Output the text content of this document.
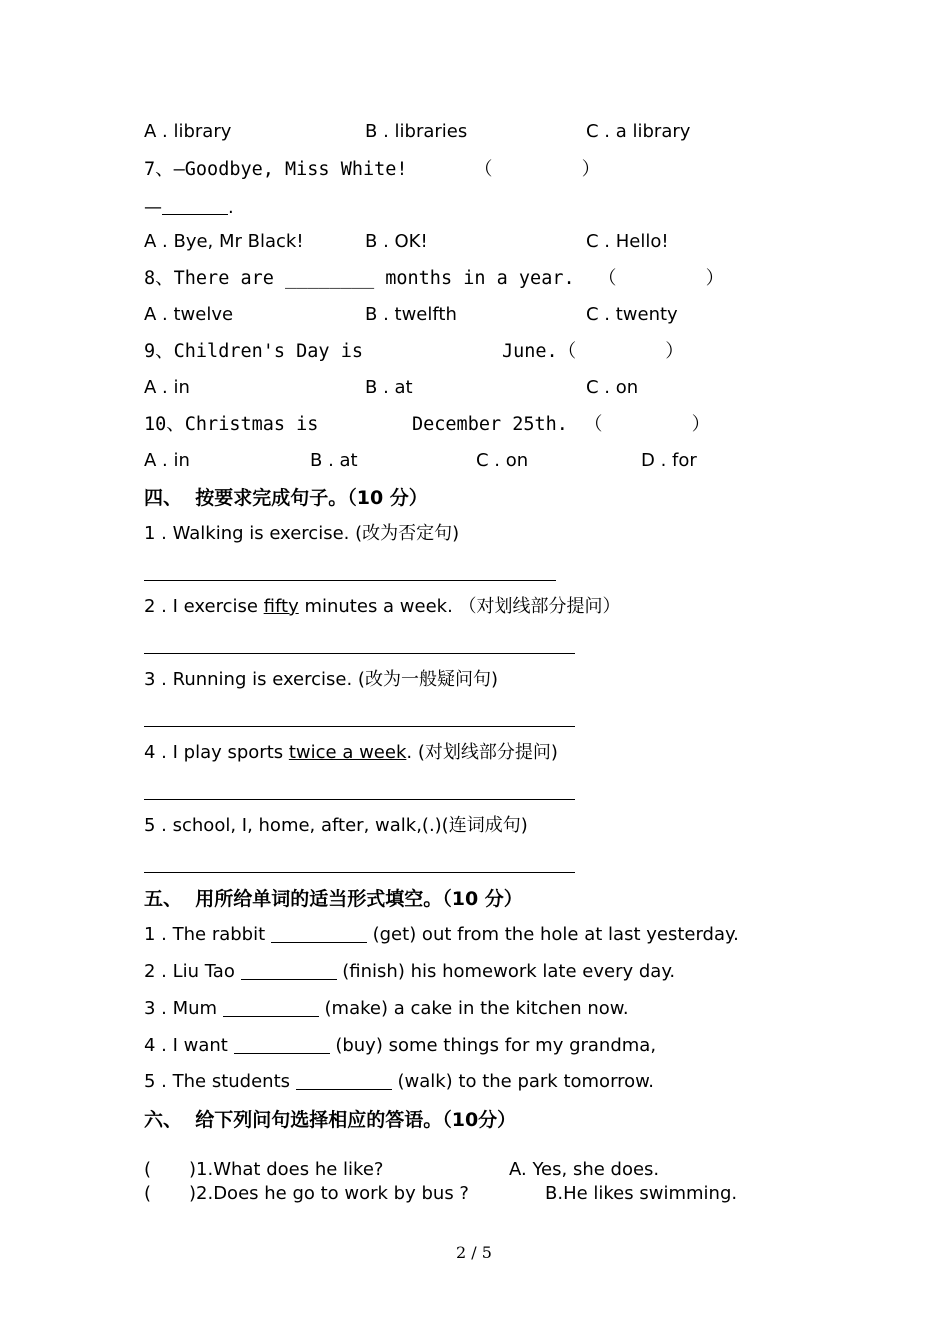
A . library	B . libraries	C . a library
7、—Goodbye, Miss White!	（        ）
—	.
A . Bye, Mr Black!	B . OK!	C . Hello!
8、There are ________ months in a year. （        ）
A . twelve	B . twelfth	C . twenty
9、Children's Day is	June.（        ）
A . in	B . at	C . on
10、Christmas is	December 25th. （        ）
A . in	B . at	C . on	D . for
四、  按要求完成句子。（10 分）
1 . Walking is exercise. (改为否定句)
2 . I exercise fifty minutes a week. （对划线部分提问）
3 . Running is exercise. (改为一般疑问句)
4 . I play sports twice a week. (对划线部分提问)
5 . school, I, home, after, walk,(.)(连词成句)
五、  用所给单词的适当形式填空。（10 分）
1 . The rabbit	(get) out from the hole at last yesterday.
2 . Liu Tao	(finish) his homework late every day.
3 . Mum	(make) a cake in the kitchen now.
4 . I want	(buy) some things for my grandma,
5 . The students	(walk) to the park tomorrow.
六、  给下列问句选择相应的答语。（10分）
( )1.What does he like?	A. Yes, she does.
( )2.Does he go to work by bus ?	B.He likes swimming.
2 / 5
